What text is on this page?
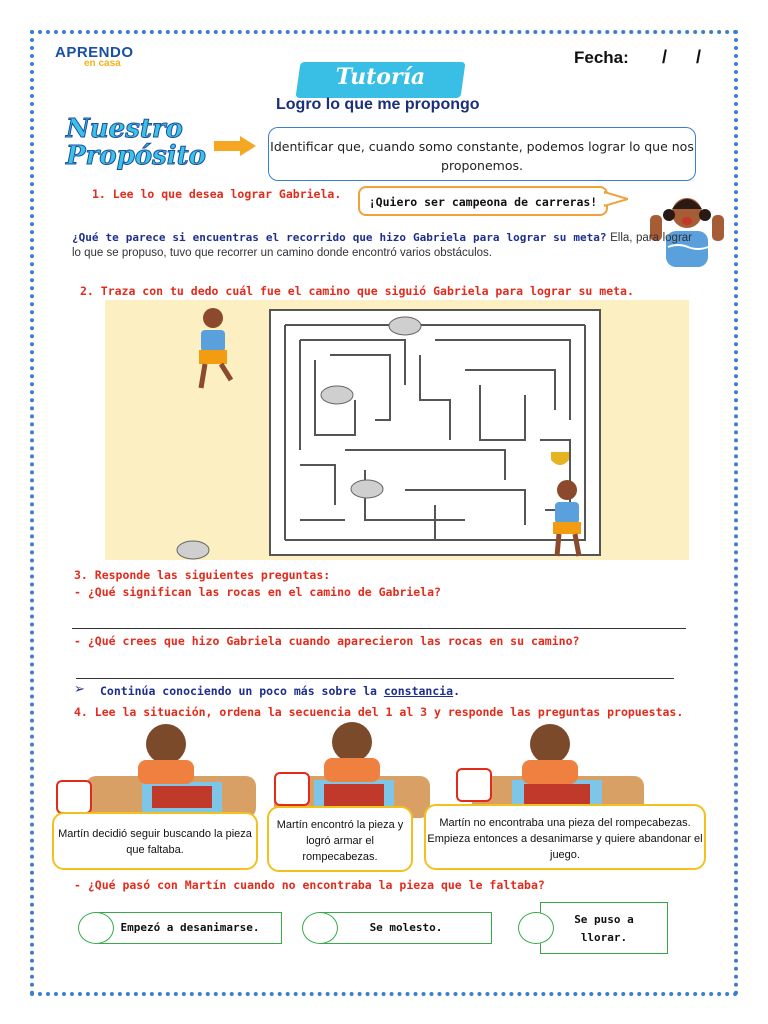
APRENDO
en casa	Fecha: / /
Tutoría
Logro lo que me propongo
Nuestro
Propósito	Identificar que, cuando somo constante, podemos lograr lo que nos proponemos.
1. Lee lo que desea lograr Gabriela.
¡Quiero ser campeona de carreras!
¿Qué te parece si encuentras el recorrido que hizo Gabriela para lograr su meta? Ella, para lograr lo que se propuso, tuvo que recorrer un camino donde encontró varios obstáculos.
2. Traza con tu dedo cuál fue el camino que siguió Gabriela para lograr su meta.
3. Responde las siguientes preguntas:
- ¿Qué significan las rocas en el camino de Gabriela?
- ¿Qué crees que hizo Gabriela cuando aparecieron las rocas en su camino?
➢ Continúa conociendo un poco más sobre la constancia.
4. Lee la situación, ordena la secuencia del 1 al 3 y responde las preguntas propuestas.
Martín decidió seguir buscando la pieza que faltaba.
Martín encontró la pieza y logró armar el rompecabezas.
Martín no encontraba una pieza del rompecabezas. Empieza entonces a desanimarse y quiere abandonar el juego.
- ¿Qué pasó con Martín cuando no encontraba la pieza que le faltaba?
Empezó a desanimarse.	Se molesto.
Se puso a llorar.
